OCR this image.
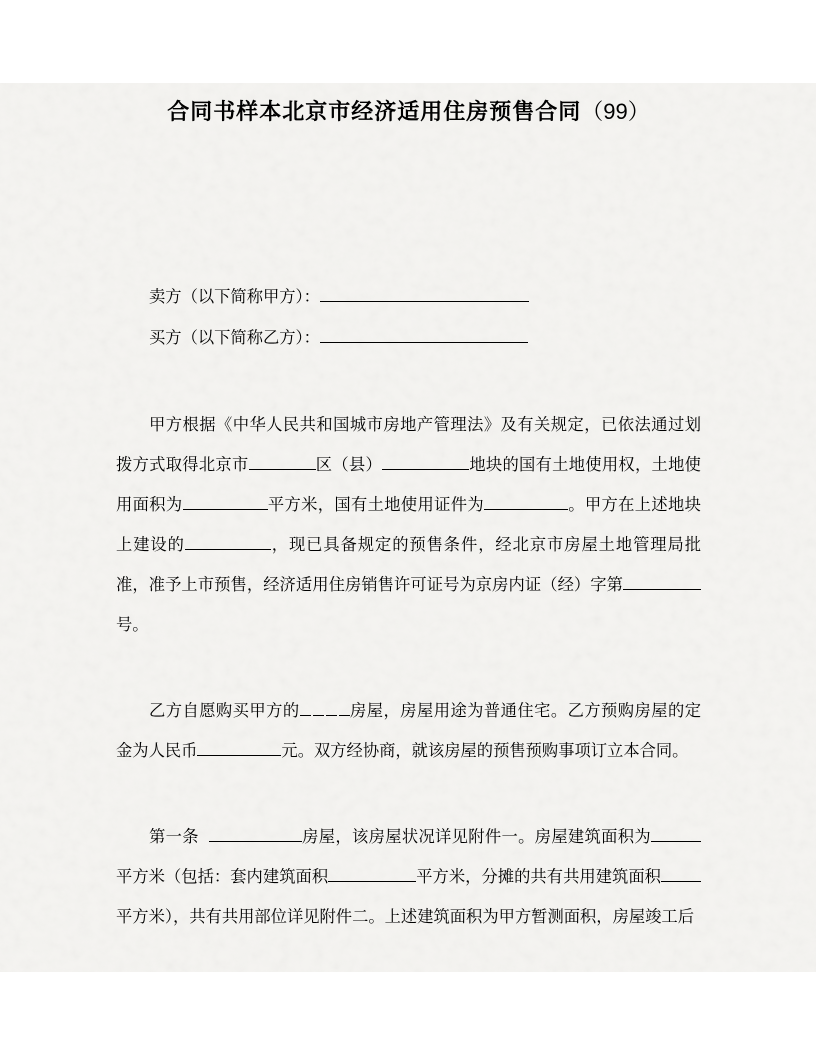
合同书样本北京市经济适用住房预售合同（99）
卖方（以下简称甲方）：
买方（以下简称乙方）：

甲方根据《中华人民共和国城市房地产管理法》及有关规定，已依法通过划拨方式取得北京市	区（县）	地块的国有土地使用权，土地使用面积为	平方米，国有土地使用证件为	。甲方在上述地块上建设的	，现已具备规定的预售条件，经北京市房屋土地管理局批准，准予上市预售，经济适用住房销售许可证号为京房内证（经）字第号。

乙方自愿购买甲方的	房屋，房屋用途为普通住宅。乙方预购房屋的定金为人民币	元。双方经协商，就该房屋的预售预购事项订立本合同。

第一条	房屋，该房屋状况详见附件一。房屋建筑面积为平方米（包括：套内建筑面积	平方米，分摊的共有共用建筑面积平方米），共有共用部位详见附件二。上述建筑面积为甲方暂测面积，房屋竣工后
